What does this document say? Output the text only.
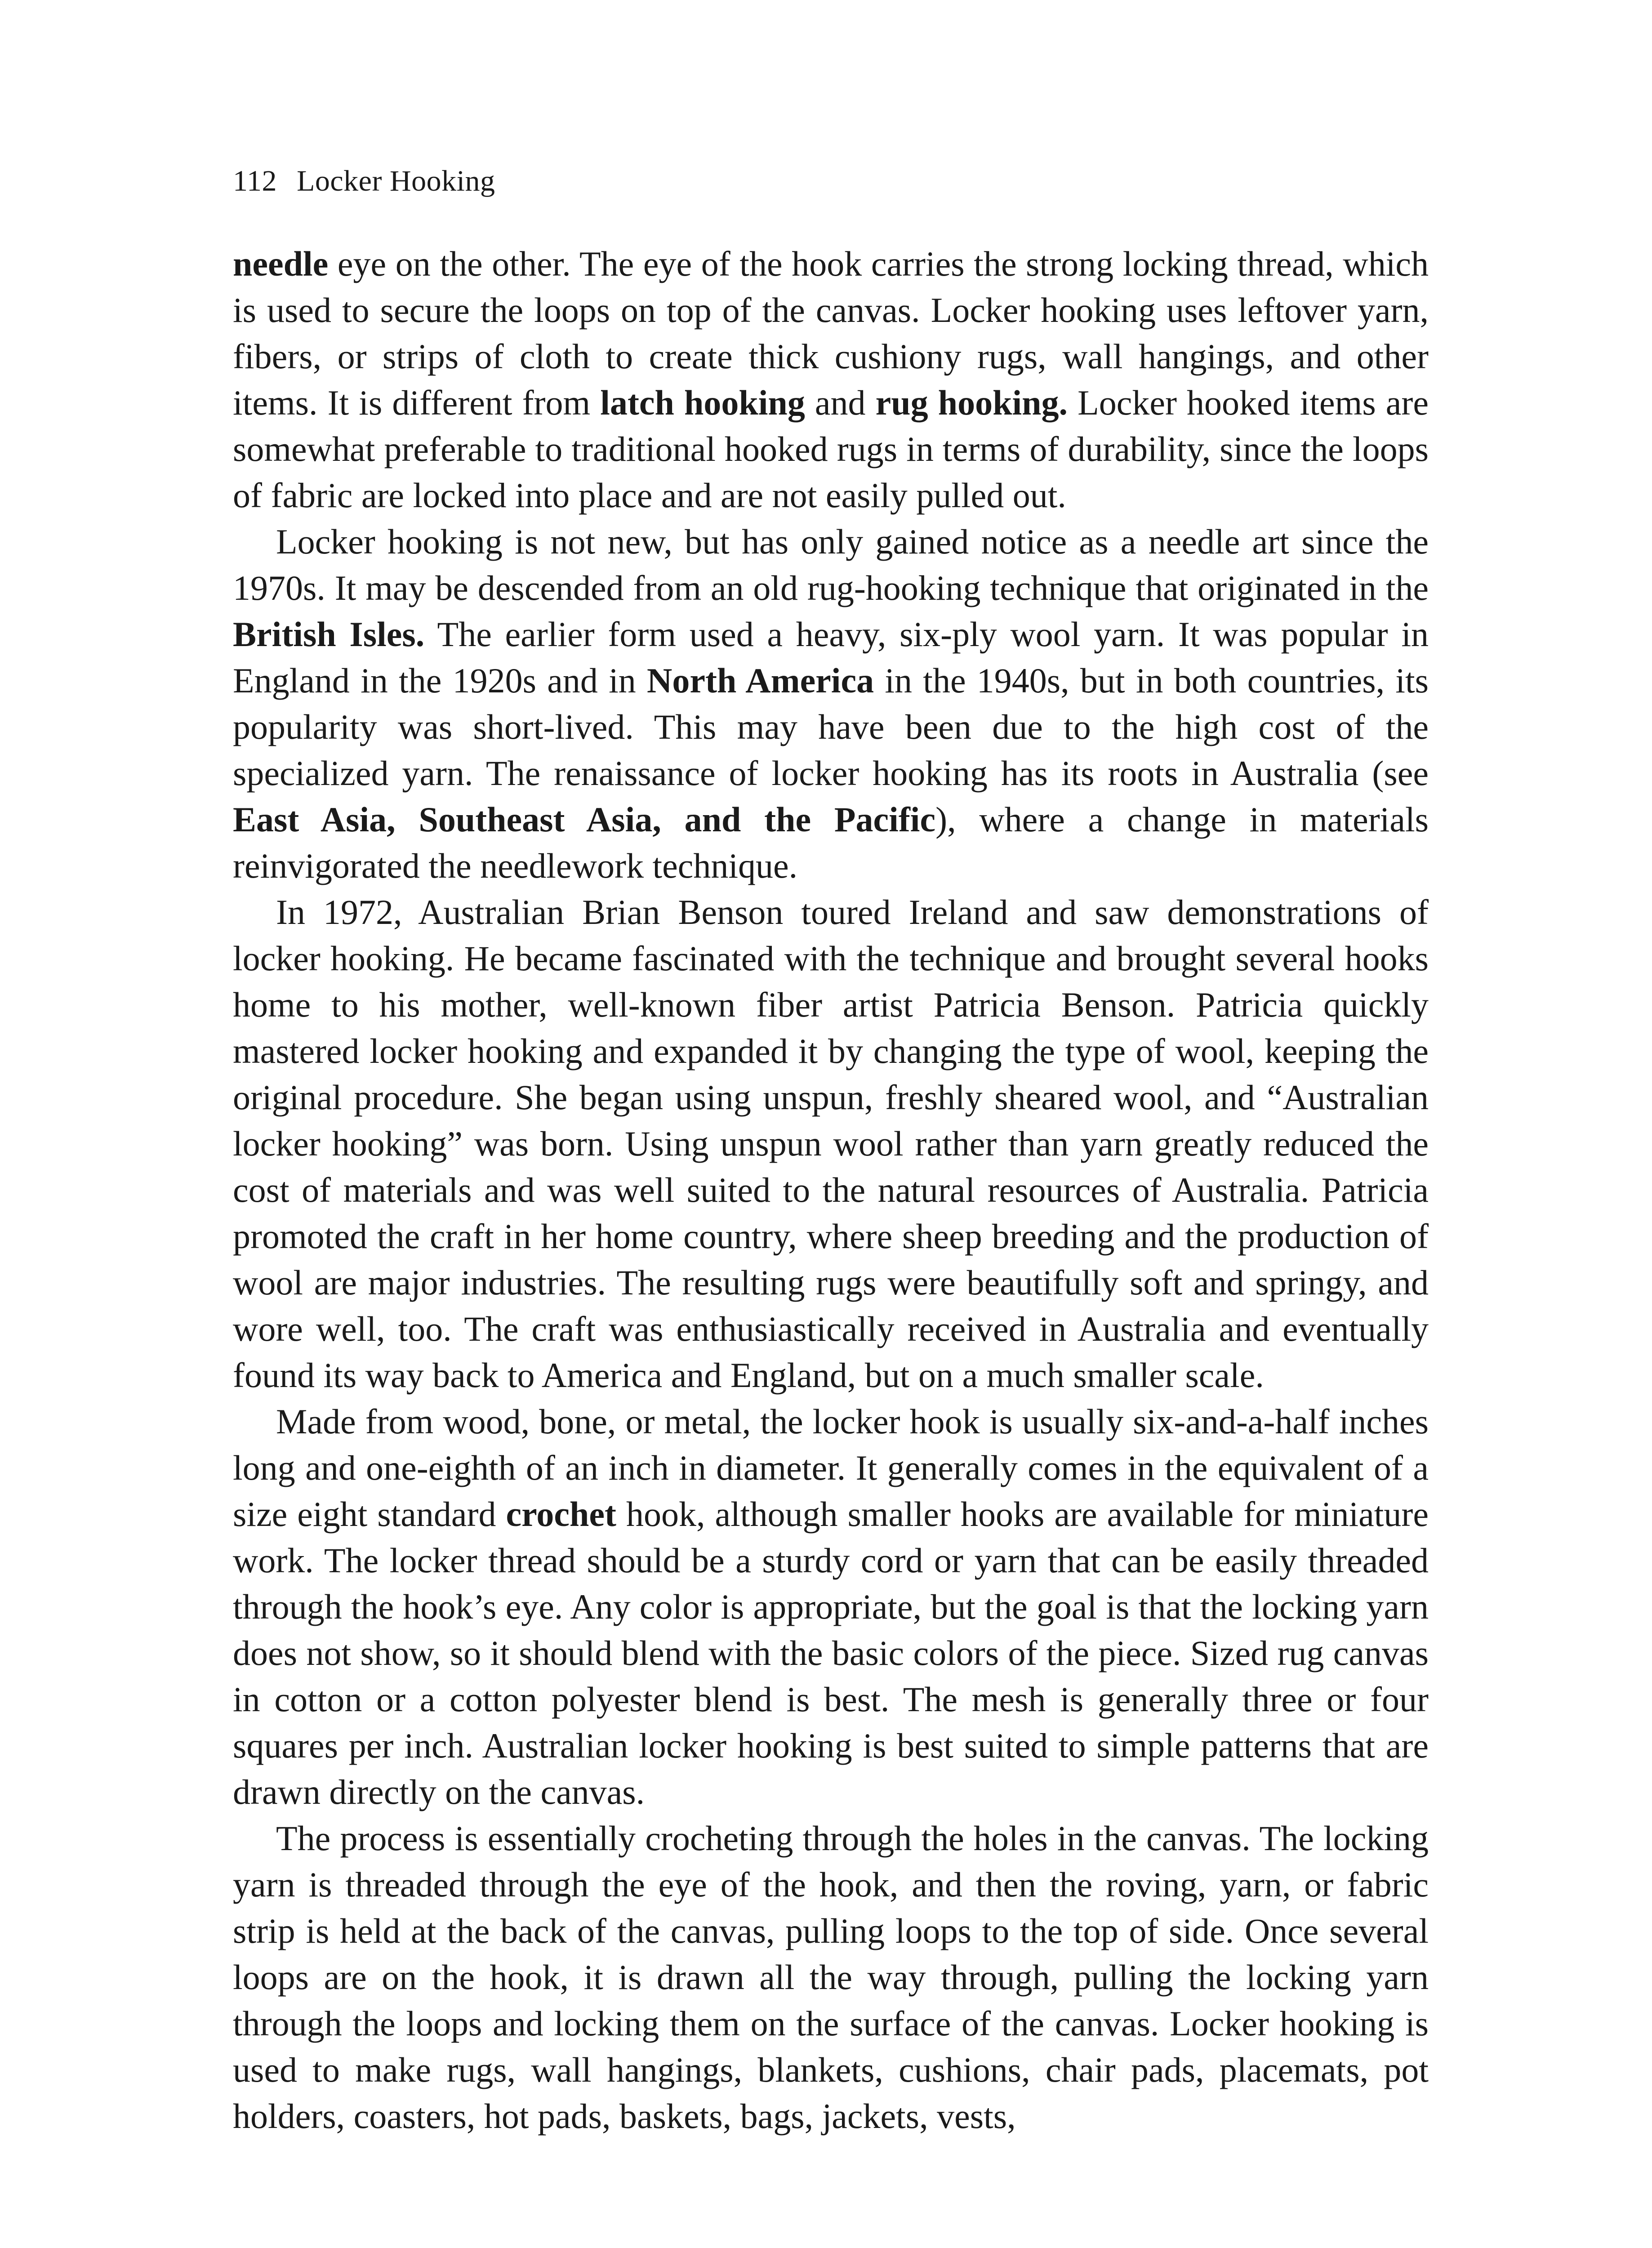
112 Locker Hooking

needle eye on the other. The eye of the hook carries the strong locking thread, which is used to secure the loops on top of the canvas. Locker hooking uses leftover yarn, fibers, or strips of cloth to create thick cushiony rugs, wall hangings, and other items. It is different from latch hooking and rug hooking. Locker hooked items are somewhat preferable to traditional hooked rugs in terms of durability, since the loops of fabric are locked into place and are not easily pulled out.

Locker hooking is not new, but has only gained notice as a needle art since the 1970s. It may be descended from an old rug-hooking technique that originated in the British Isles. The earlier form used a heavy, six-ply wool yarn. It was popular in England in the 1920s and in North America in the 1940s, but in both countries, its popularity was short-lived. This may have been due to the high cost of the specialized yarn. The renaissance of locker hooking has its roots in Australia (see East Asia, Southeast Asia, and the Pacific), where a change in materials reinvigorated the needlework technique.

In 1972, Australian Brian Benson toured Ireland and saw demonstrations of locker hooking. He became fascinated with the technique and brought several hooks home to his mother, well-known fiber artist Patricia Benson. Patricia quickly mastered locker hooking and expanded it by changing the type of wool, keeping the original procedure. She began using unspun, freshly sheared wool, and “Australian locker hooking” was born. Using unspun wool rather than yarn greatly reduced the cost of materials and was well suited to the natural resources of Australia. Patricia promoted the craft in her home country, where sheep breeding and the production of wool are major industries. The resulting rugs were beautifully soft and springy, and wore well, too. The craft was enthusiastically received in Australia and eventually found its way back to America and England, but on a much smaller scale.

Made from wood, bone, or metal, the locker hook is usually six-and-a-half inches long and one-eighth of an inch in diameter. It generally comes in the equivalent of a size eight standard crochet hook, although smaller hooks are available for miniature work. The locker thread should be a sturdy cord or yarn that can be easily threaded through the hook’s eye. Any color is appropriate, but the goal is that the locking yarn does not show, so it should blend with the basic colors of the piece. Sized rug canvas in cotton or a cotton polyester blend is best. The mesh is generally three or four squares per inch. Australian locker hooking is best suited to simple patterns that are drawn directly on the canvas.

The process is essentially crocheting through the holes in the canvas. The locking yarn is threaded through the eye of the hook, and then the roving, yarn, or fabric strip is held at the back of the canvas, pulling loops to the top of side. Once several loops are on the hook, it is drawn all the way through, pulling the locking yarn through the loops and locking them on the surface of the canvas. Locker hooking is used to make rugs, wall hangings, blankets, cushions, chair pads, placemats, pot holders, coasters, hot pads, baskets, bags, jackets, vests,
